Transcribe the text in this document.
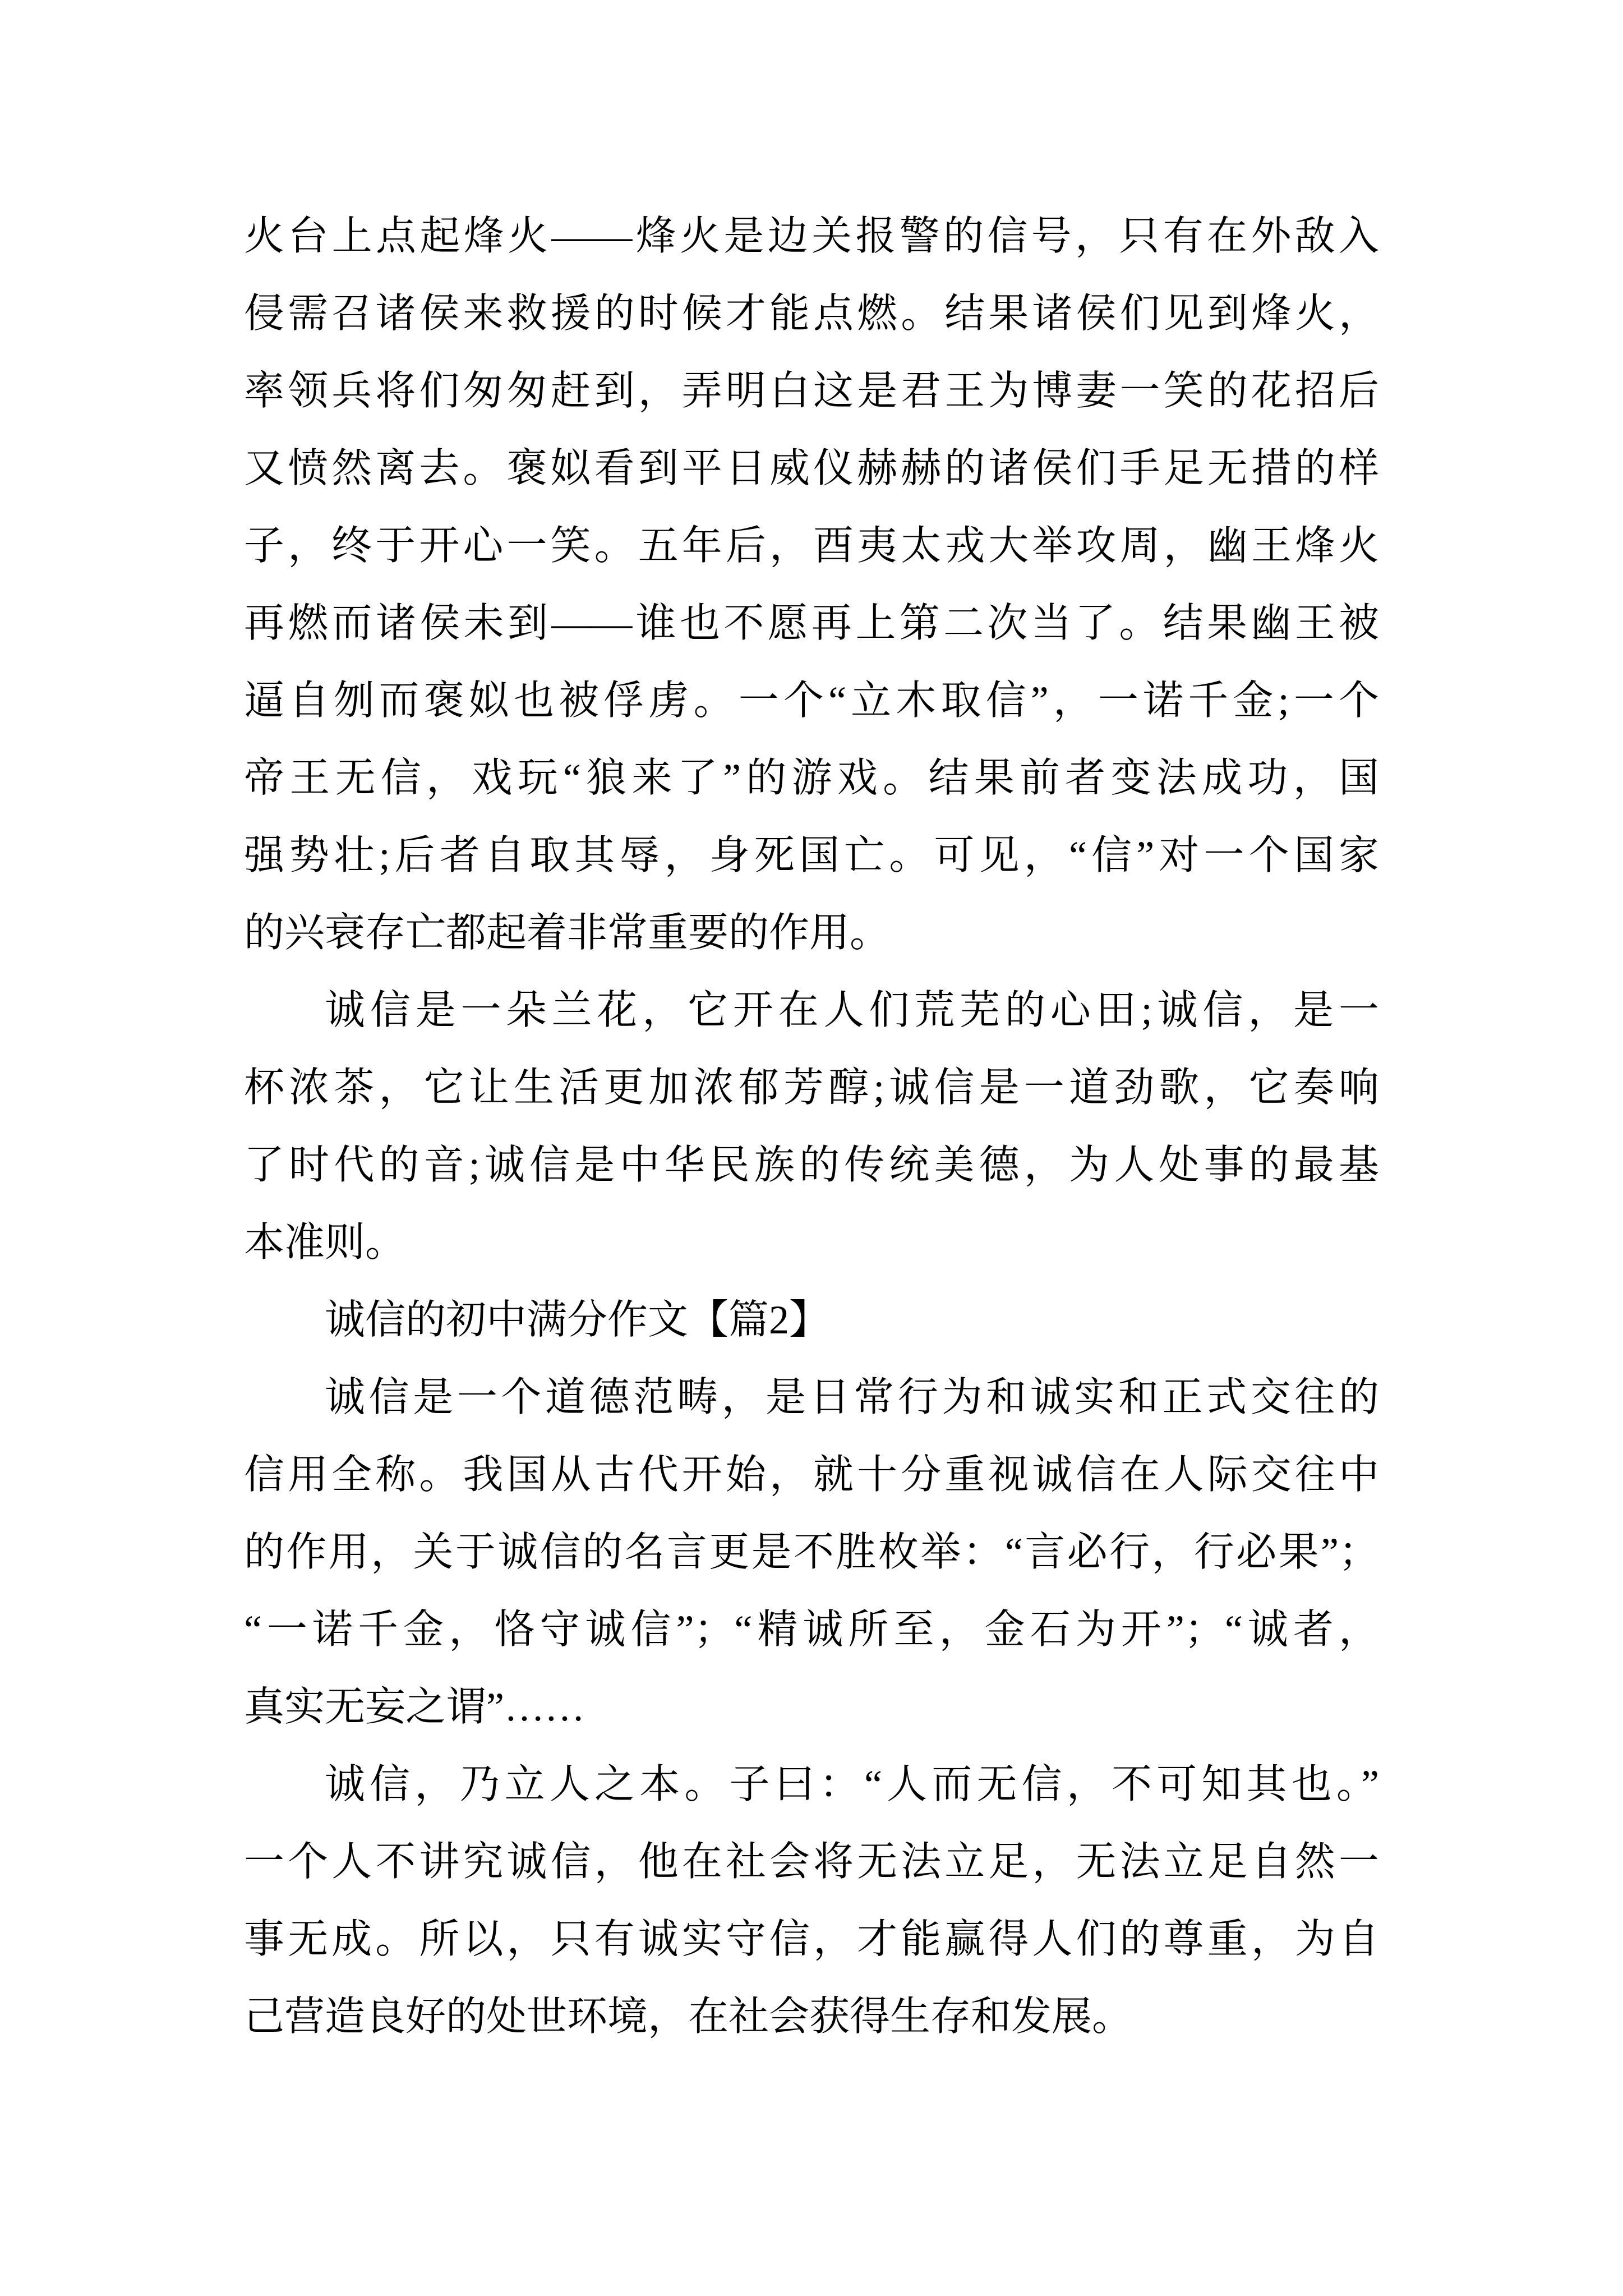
火台上点起烽火——烽火是边关报警的信号，只有在外敌入
侵需召诸侯来救援的时候才能点燃。结果诸侯们见到烽火，
率领兵将们匆匆赶到，弄明白这是君王为博妻一笑的花招后
又愤然离去。褒姒看到平日威仪赫赫的诸侯们手足无措的样
子，终于开心一笑。五年后，酉夷太戎大举攻周，幽王烽火
再燃而诸侯未到——谁也不愿再上第二次当了。结果幽王被
逼自刎而褒姒也被俘虏。一个“立木取信”，一诺千金;一个
帝王无信，戏玩“狼来了”的游戏。结果前者变法成功，国
强势壮;后者自取其辱，身死国亡。可见，“信”对一个国家
的兴衰存亡都起着非常重要的作用。
诚信是一朵兰花，它开在人们荒芜的心田;诚信，是一
杯浓茶，它让生活更加浓郁芳醇;诚信是一道劲歌，它奏响
了时代的音;诚信是中华民族的传统美德，为人处事的最基
本准则。
诚信的初中满分作文【篇2】
诚信是一个道德范畴，是日常行为和诚实和正式交往的
信用全称。我国从古代开始，就十分重视诚信在人际交往中
的作用，关于诚信的名言更是不胜枚举：“言必行，行必果”；
“一诺千金，恪守诚信”；“精诚所至，金石为开”；“诚者，
真实无妄之谓”……
诚信，乃立人之本。子曰：“人而无信，不可知其也。”
一个人不讲究诚信，他在社会将无法立足，无法立足自然一
事无成。所以，只有诚实守信，才能赢得人们的尊重，为自
己营造良好的处世环境，在社会获得生存和发展。
